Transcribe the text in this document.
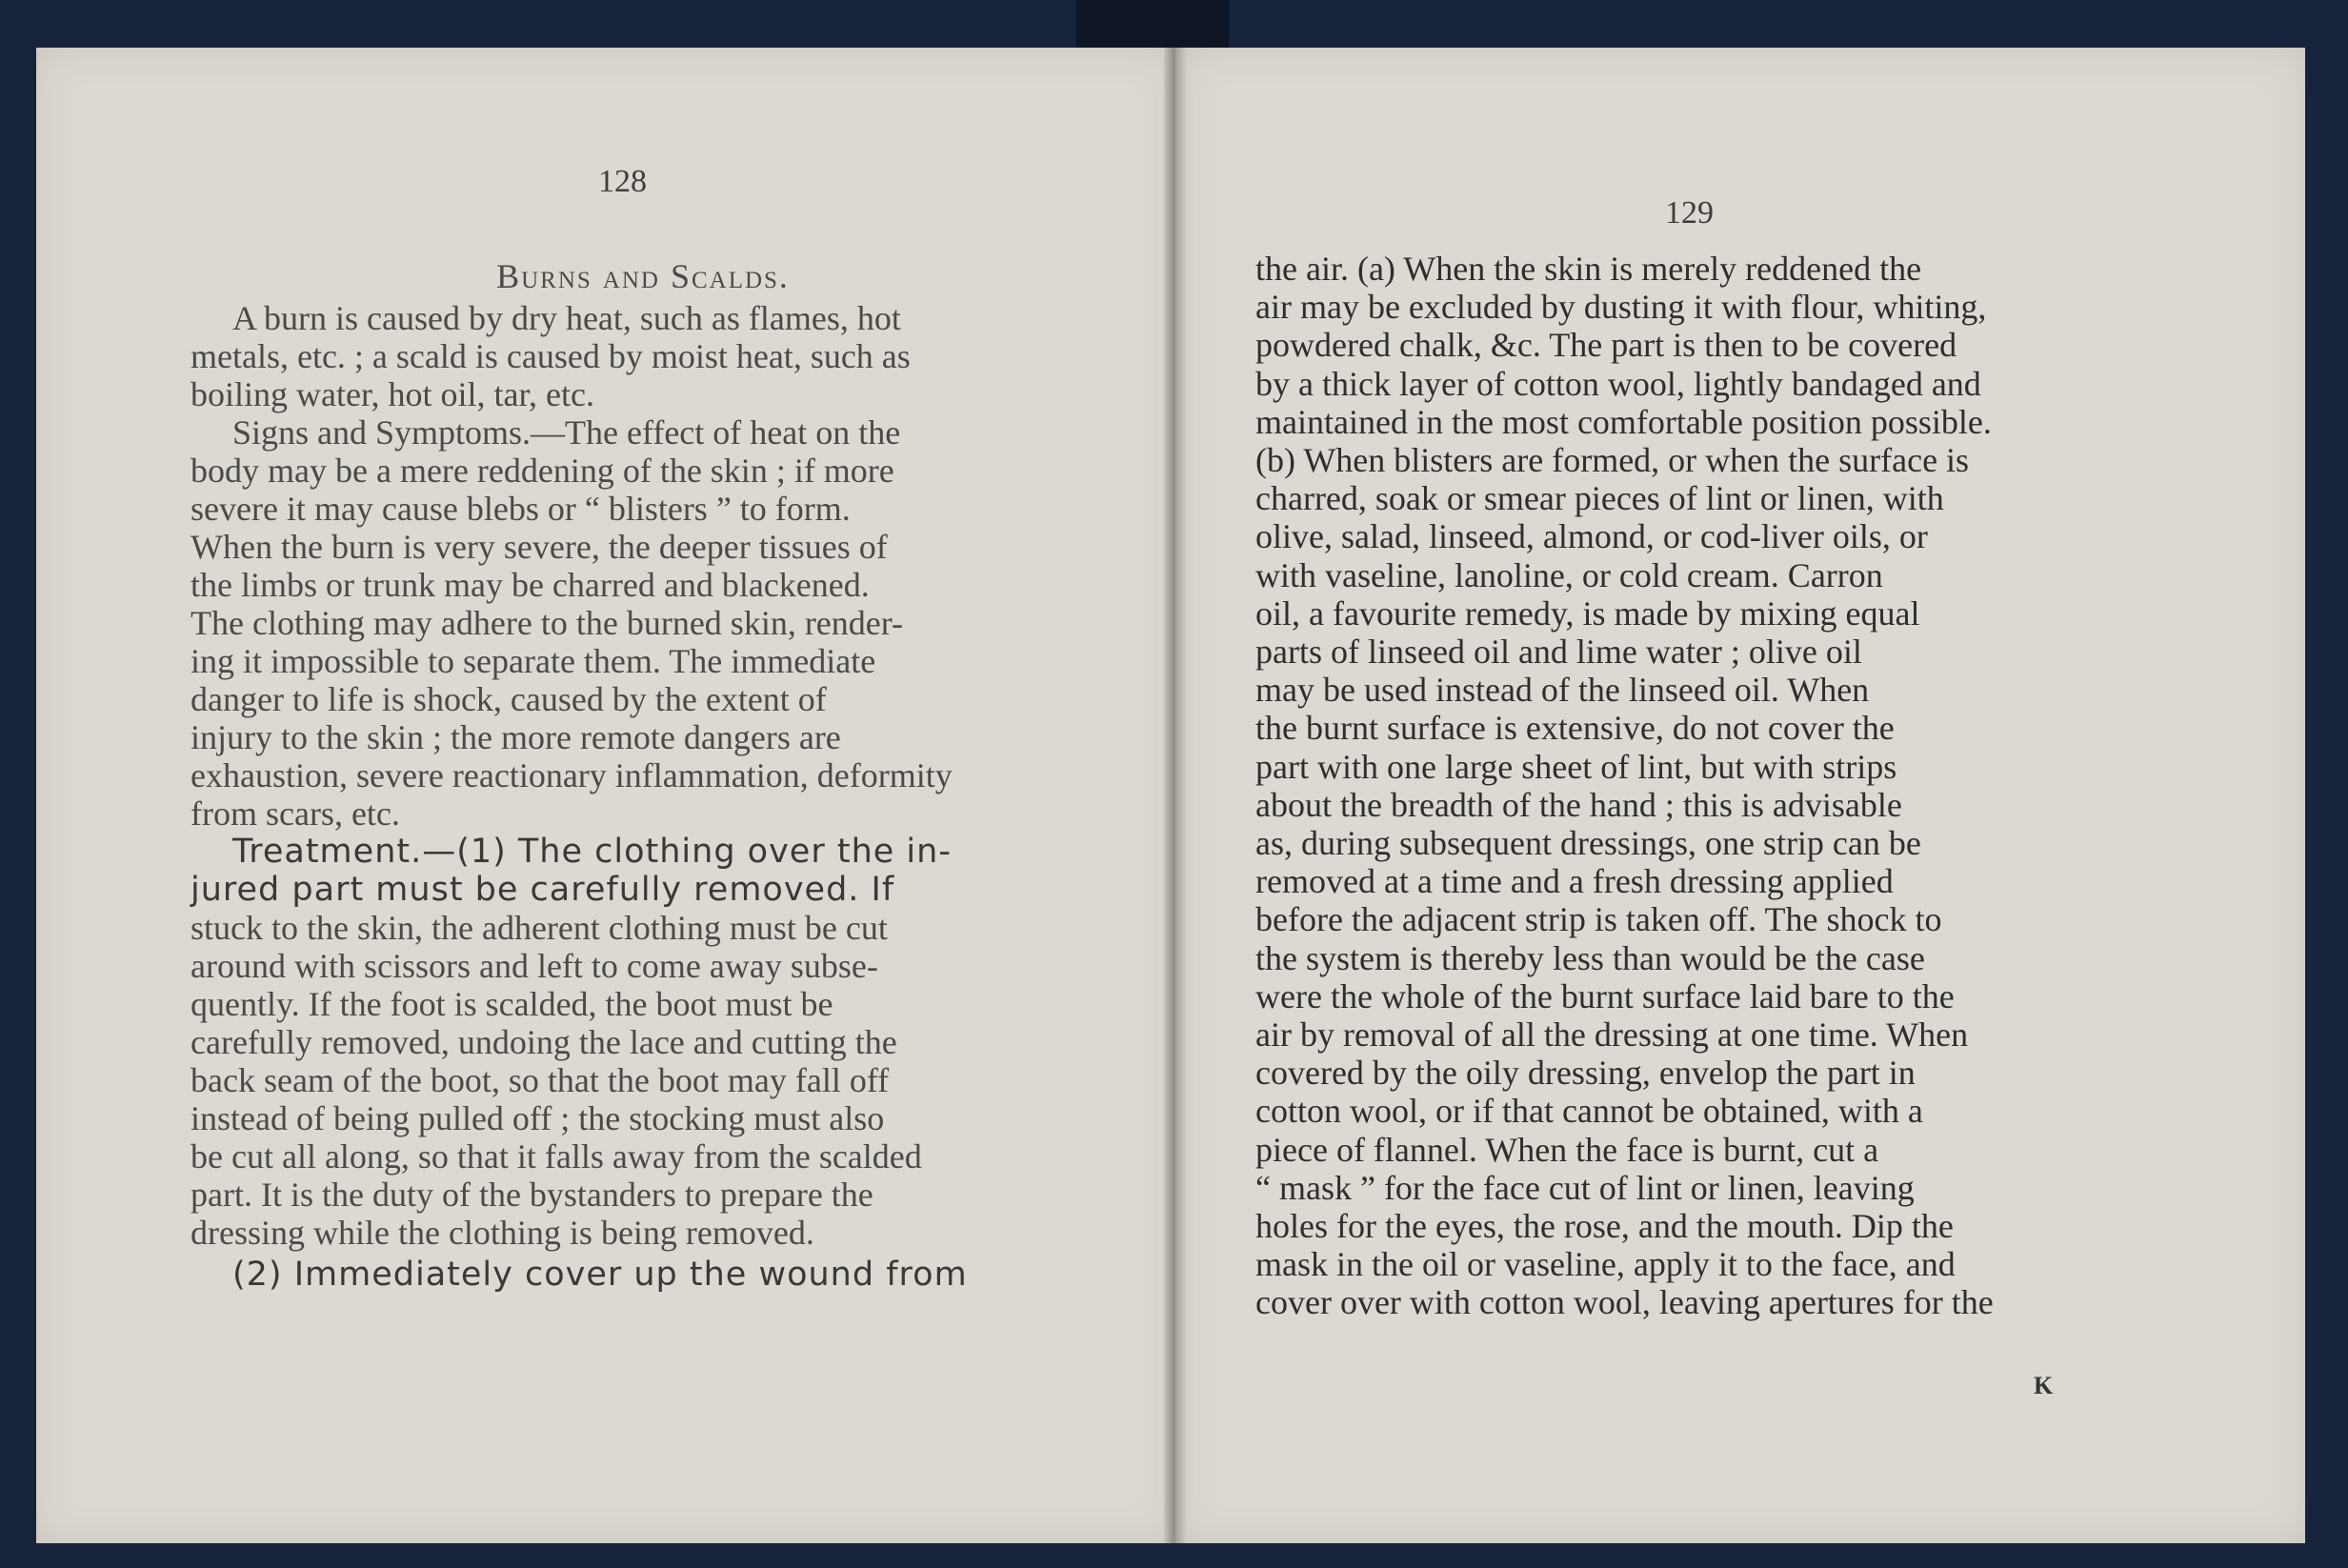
128
129

Burns and Scalds.

A burn is caused by dry heat, such as flames, hot

metals, etc. ; a scald is caused by moist heat, such as

boiling water, hot oil, tar, etc.

Signs and Symptoms.—The effect of heat on the

body may be a mere reddening of the skin ; if more

severe it may cause blebs or “ blisters ” to form.

When the burn is very severe, the deeper tissues of

the limbs or trunk may be charred and blackened.

The clothing may adhere to the burned skin, render-

ing it impossible to separate them. The immediate

danger to life is shock, caused by the extent of

injury to the skin ; the more remote dangers are

exhaustion, severe reactionary inflammation, deformity

from scars, etc.

Treatment.—(1) The clothing over the in-

jured part must be carefully removed. If

stuck to the skin, the adherent clothing must be cut

around with scissors and left to come away subse-

quently. If the foot is scalded, the boot must be

carefully removed, undoing the lace and cutting the

back seam of the boot, so that the boot may fall off

instead of being pulled off ; the stocking must also

be cut all along, so that it falls away from the scalded

part. It is the duty of the bystanders to prepare the

dressing while the clothing is being removed.

(2) Immediately cover up the wound from

the air. (a) When the skin is merely reddened the

air may be excluded by dusting it with flour, whiting,

powdered chalk, &c. The part is then to be covered

by a thick layer of cotton wool, lightly bandaged and

maintained in the most comfortable position possible.

(b) When blisters are formed, or when the surface is

charred, soak or smear pieces of lint or linen, with

olive, salad, linseed, almond, or cod-liver oils, or

with vaseline, lanoline, or cold cream. Carron

oil, a favourite remedy, is made by mixing equal

parts of linseed oil and lime water ; olive oil

may be used instead of the linseed oil. When

the burnt surface is extensive, do not cover the

part with one large sheet of lint, but with strips

about the breadth of the hand ; this is advisable

as, during subsequent dressings, one strip can be

removed at a time and a fresh dressing applied

before the adjacent strip is taken off. The shock to

the system is thereby less than would be the case

were the whole of the burnt surface laid bare to the

air by removal of all the dressing at one time. When

covered by the oily dressing, envelop the part in

cotton wool, or if that cannot be obtained, with a

piece of flannel. When the face is burnt, cut a

“ mask ” for the face cut of lint or linen, leaving

holes for the eyes, the rose, and the mouth. Dip the

mask in the oil or vaseline, apply it to the face, and

cover over with cotton wool, leaving apertures for the

K
